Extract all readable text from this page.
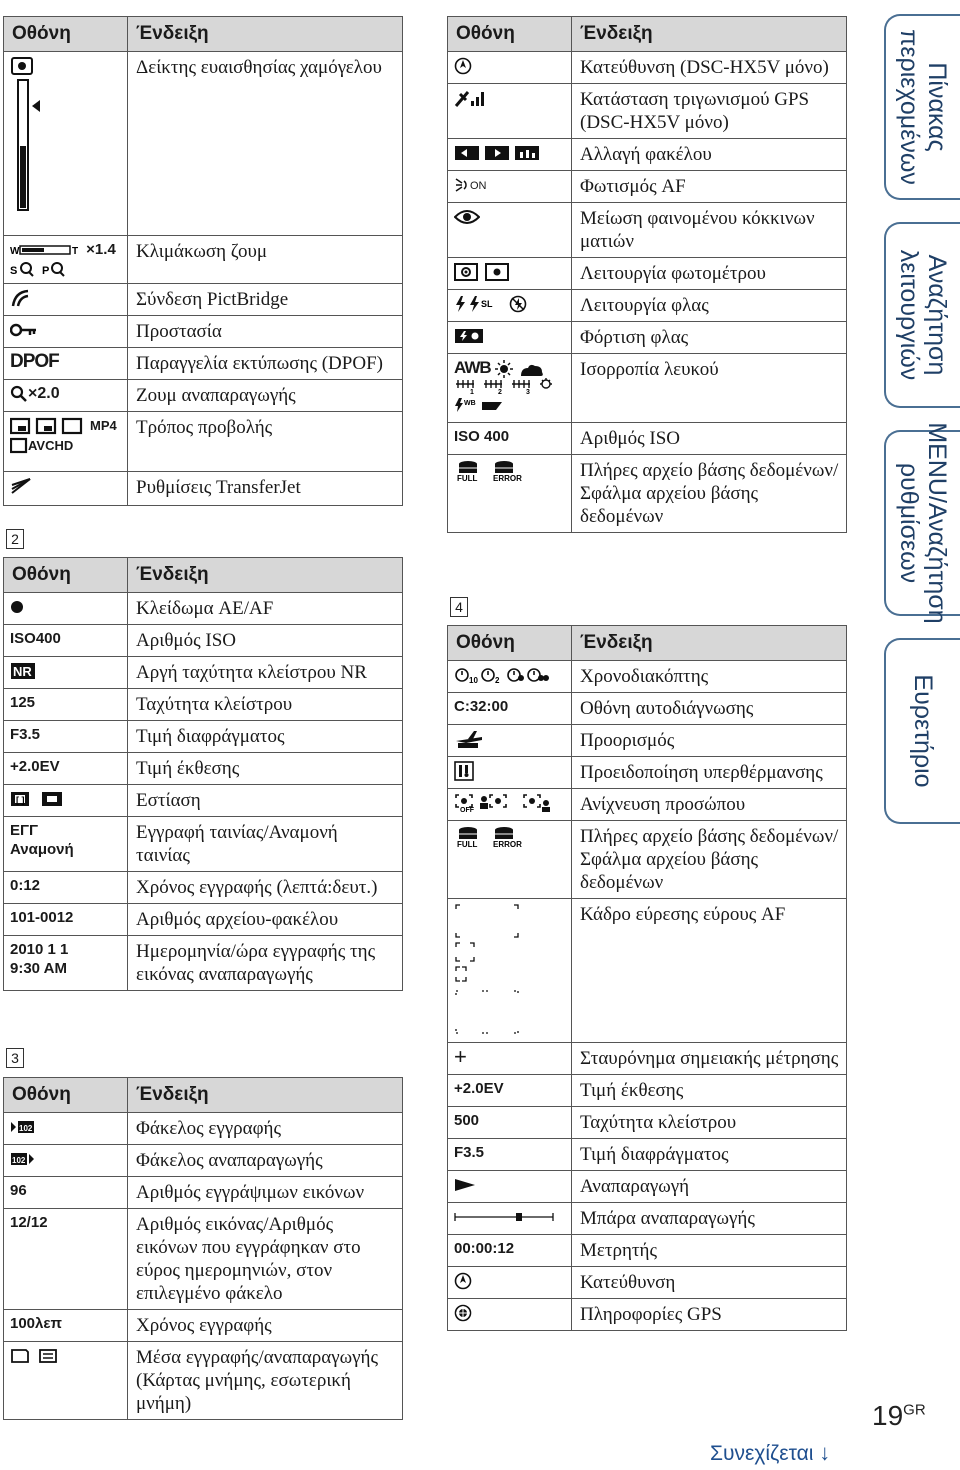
Οθόνη	Ένδειξη

	Δείκτης ευαισθησίας χαμόγελου

W T ×1.4

S P	Κλιμάκωση ζουμ

	Σύνδεση PictBridge

	Προστασία
DPOF	Παραγγελία εκτύπωσης (DPOF)

×2.0	Ζουμ αναπαραγωγής

MP4

AVCHD	Τρόπος προβολής

	Ρυθμίσεις TransferJet
2
Οθόνη	Ένδειξη

	Κλείδωμα AE/AF
ISO400	Αριθμός ISO

NR	Αργή ταχύτητα κλείστρου NR
125	Ταχύτητα κλείστρου
F3.5	Τιμή διαφράγματος
+2.0EV	Τιμή έκθεσης

[ ]	Εστίαση
ΕΓΓ
Αναμονή	Εγγραφή ταινίας/Αναμονή ταινίας
0:12	Χρόνος εγγραφής (λεπτά:δευτ.)
101-0012	Αριθμός αρχείου-φακέλου
2010 1 1
9:30 AM	Ημερομηνία/ώρα εγγραφής της εικόνας αναπαραγωγής
3
Οθόνη	Ένδειξη

102	Φάκελος εγγραφής

102	Φάκελος αναπαραγωγής
96	Αριθμός εγγράψιμων εικόνων
12/12	Αριθμός εικόνας/Αριθμός εικόνων που εγγράφηκαν στο εύρος ημερομηνιών, στον επιλεγμένο φάκελο
100λεπ	Χρόνος εγγραφής

	Μέσα εγγραφής/αναπαραγωγής (Κάρτας μνήμης, εσωτερική μνήμη)
Οθόνη	Ένδειξη

	Κατεύθυνση (DSC-HX5V μόνο)

	Κατάσταση τριγωνισμού GPS (DSC-HX5V μόνο)

	Αλλαγή φακέλου

ON	Φωτισμός AF

	Μείωση φαινομένου κόκκινων ματιών

	Λειτουργία φωτομέτρου

SL	Λειτουργία φλας

	Φόρτιση φλας
AWB

1 2 3
WB	Ισορροπία λευκού
ISO 400	Αριθμός ISO

FULL ERROR	Πλήρες αρχείο βάσης δεδομένων/Σφάλμα αρχείου βάσης δεδομένων
4
Οθόνη	Ένδειξη

10 2	Χρονοδιακόπτης
C:32:00	Οθόνη αυτοδιάγνωσης

	Προορισμός

	Προειδοποίηση υπερθέρμανσης

OFF	Ανίχνευση προσώπου

FULL ERROR	Πλήρες αρχείο βάσης δεδομένων/Σφάλμα αρχείου βάσης δεδομένων

	Κάδρο εύρεσης εύρους AF
+	Σταυρόνημα σημειακής μέτρησης
+2.0EV	Τιμή έκθεσης
500	Ταχύτητα κλείστρου
F3.5	Τιμή διαφράγματος

	Αναπαραγωγή

	Μπάρα αναπαραγωγής
00:00:12	Μετρητής

	Κατεύθυνση

	Πληροφορίες GPS
Πίνακας
περιεχομένων
Αναζήτηση
λειτουργιών
MENU/Αναζήτηση
ρυθμίσεων
Ευρετήριο
$19^{GR}$
Συνεχίζεται ↓
